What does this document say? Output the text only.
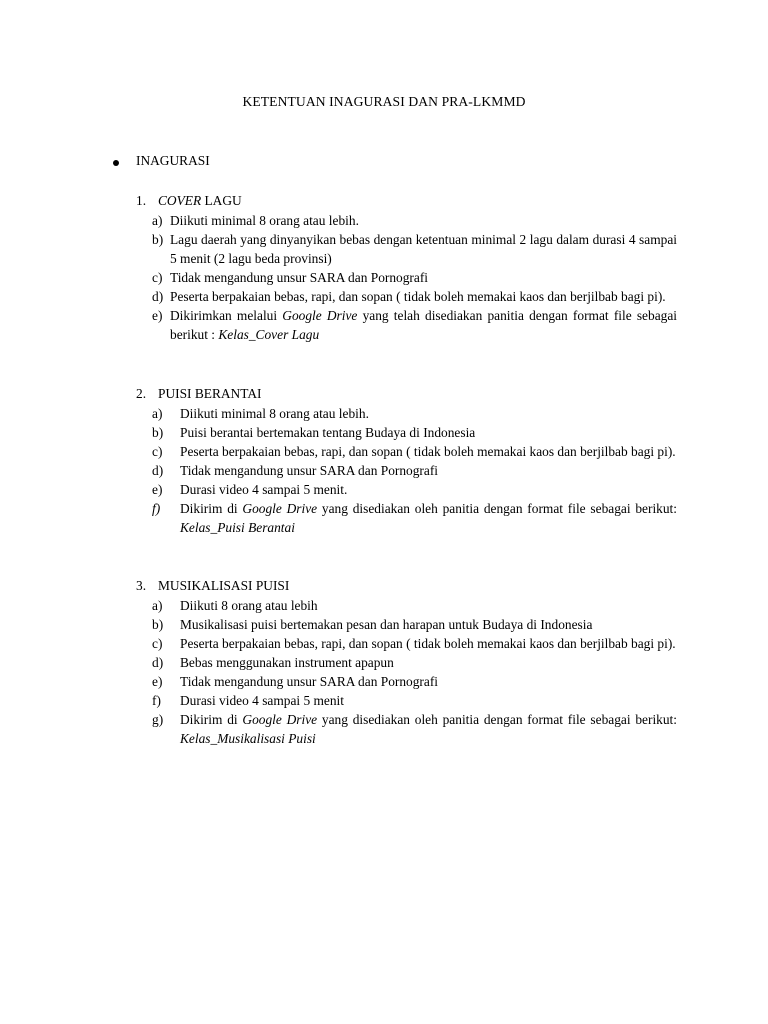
KETENTUAN INAGURASI DAN PRA-LKMMD
INAGURASI
1. COVER LAGU
a) Diikuti minimal 8 orang atau lebih.
b) Lagu daerah yang dinyanyikan bebas dengan ketentuan minimal 2 lagu dalam durasi 4 sampai 5 menit (2 lagu beda provinsi)
c) Tidak mengandung unsur SARA dan Pornografi
d) Peserta berpakaian bebas, rapi, dan sopan ( tidak boleh memakai kaos dan berjilbab bagi pi).
e) Dikirimkan melalui Google Drive yang telah disediakan panitia dengan format file sebagai berikut : Kelas_Cover Lagu
2. PUISI BERANTAI
a) Diikuti minimal 8 orang atau lebih.
b) Puisi berantai bertemakan tentang Budaya di Indonesia
c) Peserta berpakaian bebas, rapi, dan sopan ( tidak boleh memakai kaos dan berjilbab bagi pi).
d) Tidak mengandung unsur SARA dan Pornografi
e) Durasi video 4 sampai 5 menit.
f) Dikirim di Google Drive yang disediakan oleh panitia dengan format file sebagai berikut: Kelas_Puisi Berantai
3. MUSIKALISASI PUISI
a) Diikuti 8 orang atau lebih
b) Musikalisasi puisi bertemakan pesan dan harapan untuk Budaya di Indonesia
c) Peserta berpakaian bebas, rapi, dan sopan ( tidak boleh memakai kaos dan berjilbab bagi pi).
d) Bebas menggunakan instrument apapun
e) Tidak mengandung unsur SARA dan Pornografi
f) Durasi video 4 sampai 5 menit
g) Dikirim di Google Drive yang disediakan oleh panitia dengan format file sebagai berikut: Kelas_Musikalisasi Puisi
